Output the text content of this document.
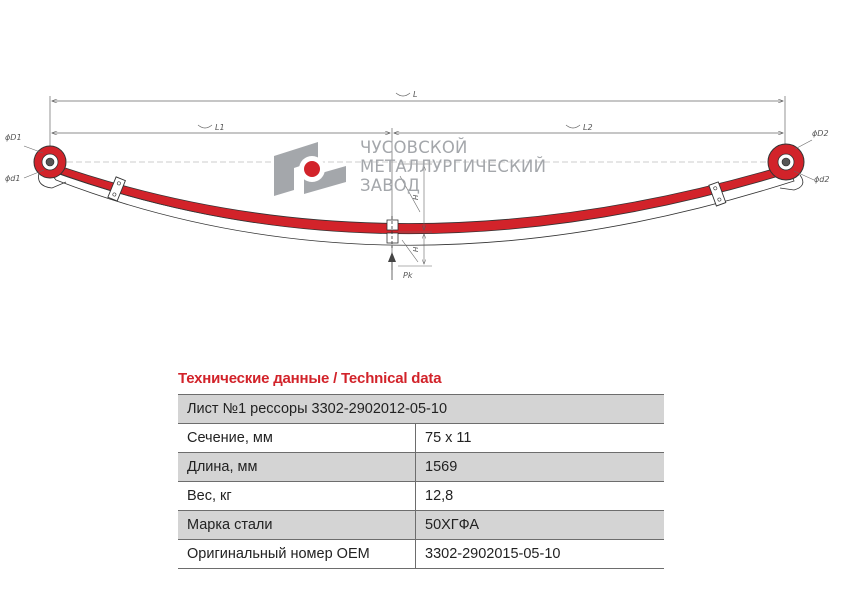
L
L1	L2
ϕD1
ϕd1
ϕD2
ϕd2
H
H
Pk
ЧУСОВСКОЙ
МЕТАЛЛУРГИЧЕСКИЙ
ЗАВОД
Технические данные / Technical data
Лист №1 рессоры 3302-2902012-05-10	
Сечение, мм	75 x 11
Длина, мм	1569
Вес, кг	12,8
Марка стали	50ХГФА
Оригинальный номер OEM	3302-2902015-05-10
